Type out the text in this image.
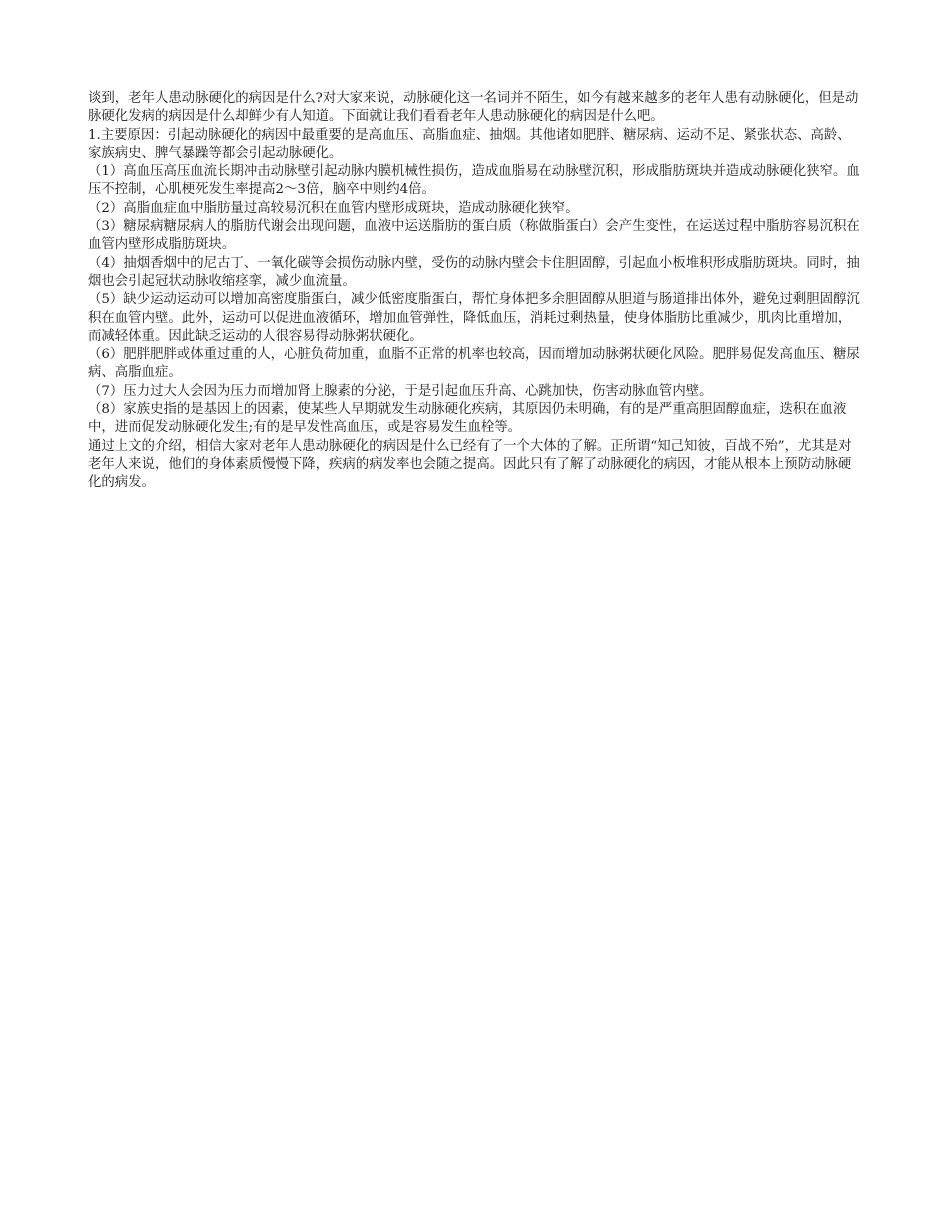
谈到，老年人患动脉硬化的病因是什么?对大家来说，动脉硬化这一名词并不陌生，如今有越来越多的老年人患有动脉硬化，但是动脉硬化发病的病因是什么却鲜少有人知道。下面就让我们看看老年人患动脉硬化的病因是什么吧。

1.主要原因：引起动脉硬化的病因中最重要的是高血压、高脂血症、抽烟。其他诸如肥胖、糖尿病、运动不足、紧张状态、高龄、家族病史、脾气暴躁等都会引起动脉硬化。

（1）高血压高压血流长期冲击动脉壁引起动脉内膜机械性损伤，造成血脂易在动脉壁沉积，形成脂肪斑块并造成动脉硬化狭窄。血压不控制，心肌梗死发生率提高2～3倍，脑卒中则约4倍。

（2）高脂血症血中脂肪量过高较易沉积在血管内壁形成斑块，造成动脉硬化狭窄。

（3）糖尿病糖尿病人的脂肪代谢会出现问题，血液中运送脂肪的蛋白质（称做脂蛋白）会产生变性，在运送过程中脂肪容易沉积在血管内壁形成脂肪斑块。

（4）抽烟香烟中的尼古丁、一氧化碳等会损伤动脉内壁，受伤的动脉内壁会卡住胆固醇，引起血小板堆积形成脂肪斑块。同时，抽烟也会引起冠状动脉收缩痉挛，减少血流量。

（5）缺少运动运动可以增加高密度脂蛋白，减少低密度脂蛋白，帮忙身体把多余胆固醇从胆道与肠道排出体外，避免过剩胆固醇沉积在血管内壁。此外，运动可以促进血液循环，增加血管弹性，降低血压，消耗过剩热量，使身体脂肪比重减少，肌肉比重增加，而减轻体重。因此缺乏运动的人很容易得动脉粥状硬化。

（6）肥胖肥胖或体重过重的人，心脏负荷加重，血脂不正常的机率也较高，因而增加动脉粥状硬化风险。肥胖易促发高血压、糖尿病、高脂血症。

（7）压力过大人会因为压力而增加肾上腺素的分泌，于是引起血压升高、心跳加快，伤害动脉血管内壁。

（8）家族史指的是基因上的因素，使某些人早期就发生动脉硬化疾病，其原因仍未明确，有的是严重高胆固醇血症，迭积在血液中，进而促发动脉硬化发生;有的是早发性高血压，或是容易发生血栓等。

通过上文的介绍，相信大家对老年人患动脉硬化的病因是什么已经有了一个大体的了解。正所谓“知己知彼，百战不殆”，尤其是对老年人来说，他们的身体素质慢慢下降，疾病的病发率也会随之提高。因此只有了解了动脉硬化的病因，才能从根本上预防动脉硬化的病发。
